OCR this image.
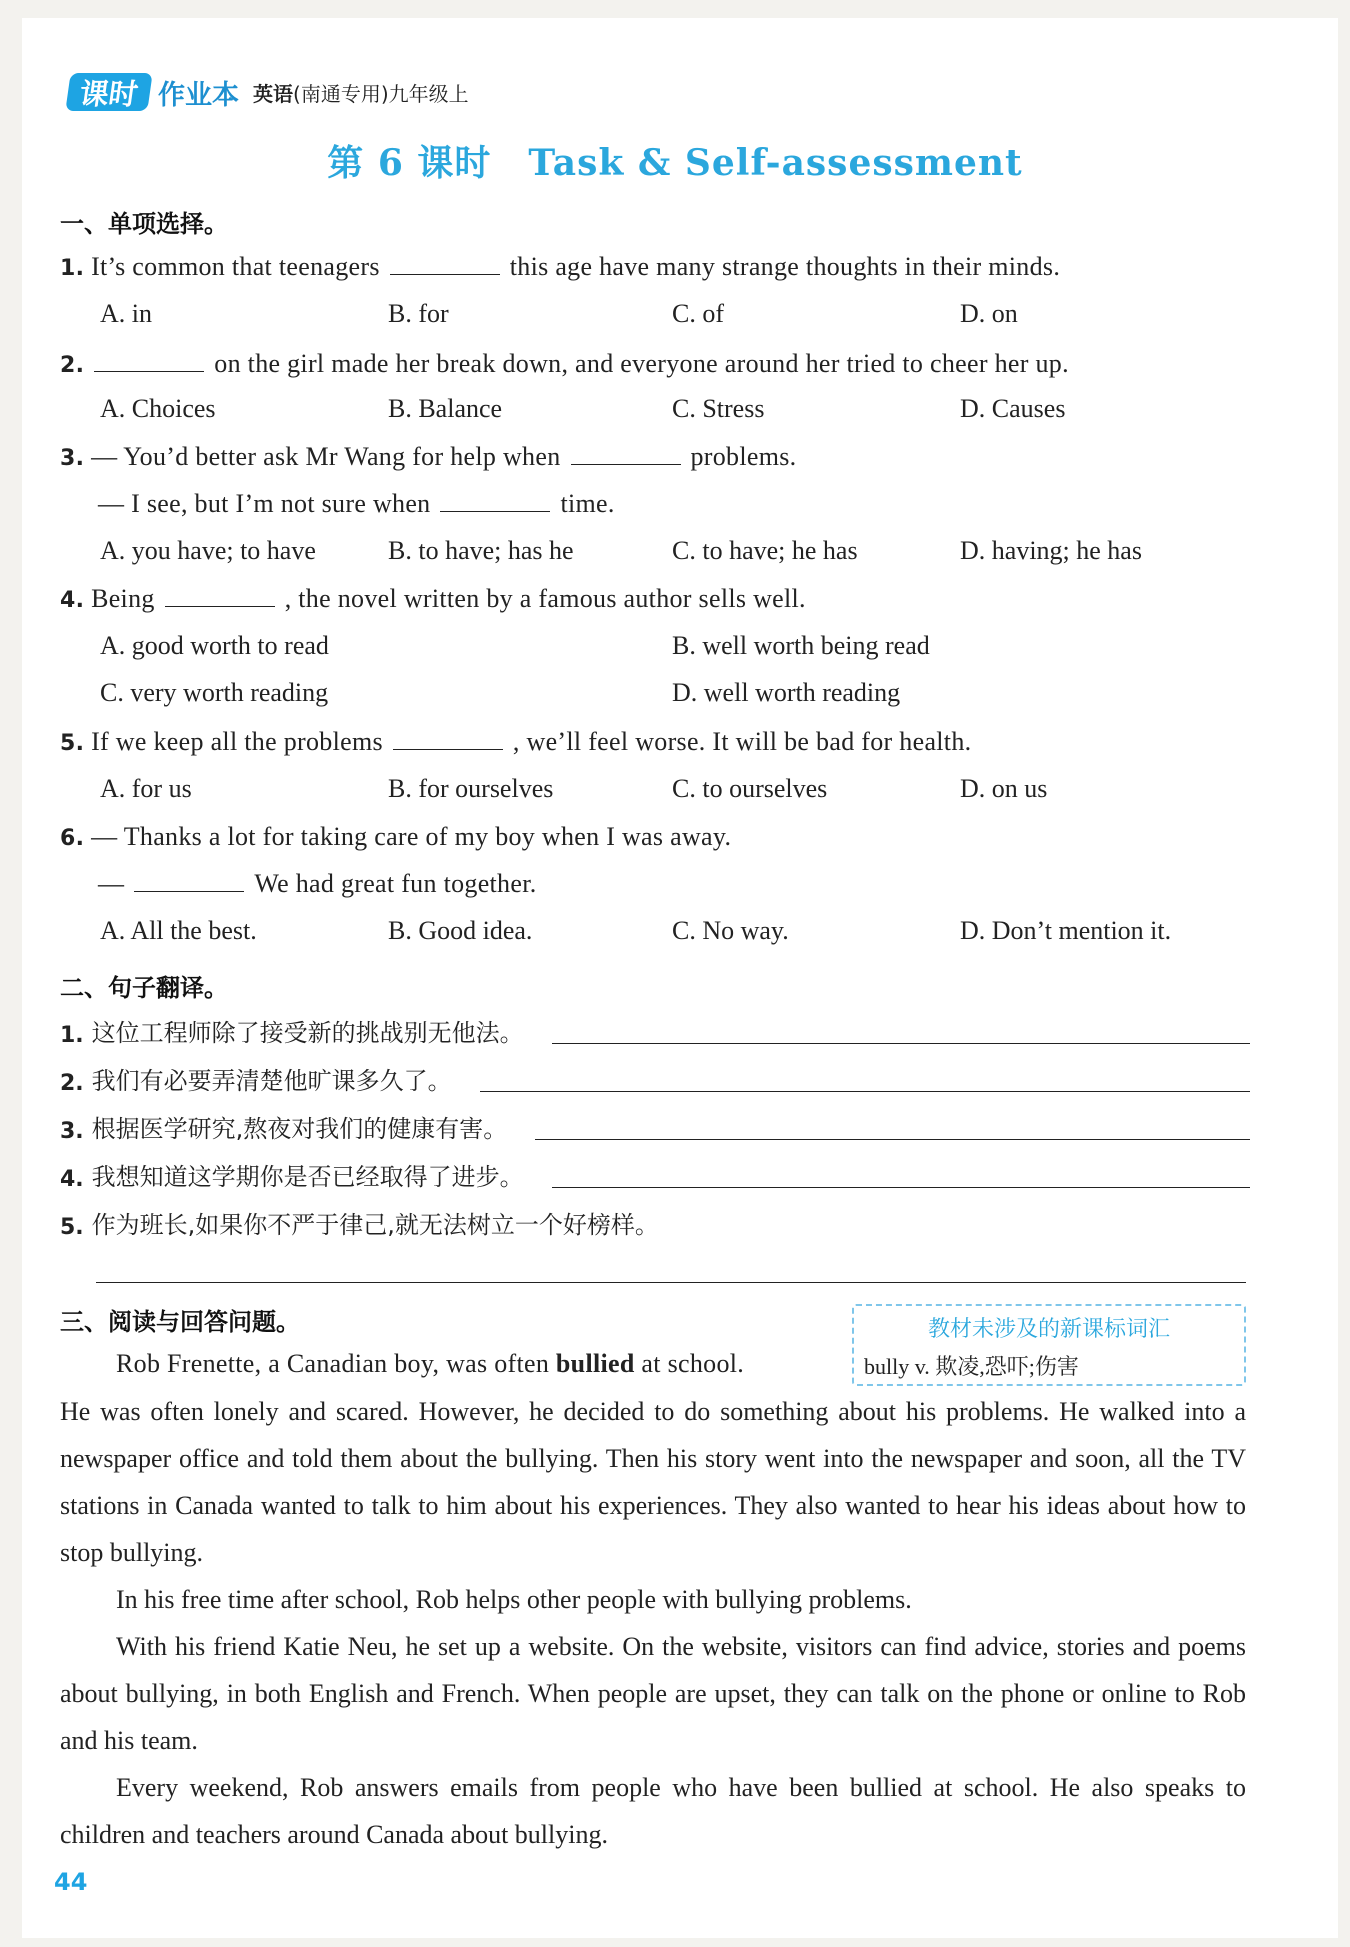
课时 作业本 英语(南通专用)九年级上
第 6 课时　Task & Self-assessment
一、单项选择。
1. It’s common that teenagers	this age have many strange thoughts in their minds.
A. in	B. for	C. of	D. on
2.	on the girl made her break down, and everyone around her tried to cheer her up.
A. Choices	B. Balance	C. Stress	D. Causes
3. — You’d better ask Mr Wang for help when	problems.
— I see, but I’m not sure when	time.
A. you have; to have	B. to have; has he	C. to have; he has	D. having; he has
4. Being	, the novel written by a famous author sells well.
A. good worth to read	B. well worth being read
C. very worth reading	D. well worth reading
5. If we keep all the problems	, we’ll feel worse. It will be bad for health.
A. for us	B. for ourselves	C. to ourselves	D. on us
6. — Thanks a lot for taking care of my boy when I was away.
—	We had great fun together.
A. All the best.	B. Good idea.	C. No way.	D. Don’t mention it.
二、句子翻译。
1. 这位工程师除了接受新的挑战别无他法。
2. 我们有必要弄清楚他旷课多久了。
3. 根据医学研究,熬夜对我们的健康有害。
4. 我想知道这学期你是否已经取得了进步。
5. 作为班长,如果你不严于律己,就无法树立一个好榜样。
三、阅读与回答问题。	教材未涉及的新课标词汇
bully v. 欺凌,恐吓;伤害
Rob Frenette, a Canadian boy, was often bullied at school.
He was often lonely and scared. However, he decided to do something about his problems. He walked into a newspaper office and told them about the bullying. Then his story went into the newspaper and soon, all the TV stations in Canada wanted to talk to him about his experiences. They also wanted to hear his ideas about how to stop bullying.
In his free time after school, Rob helps other people with bullying problems.
With his friend Katie Neu, he set up a website. On the website, visitors can find advice, stories and poems about bullying, in both English and French. When people are upset, they can talk on the phone or online to Rob and his team.
Every weekend, Rob answers emails from people who have been bullied at school. He also speaks to children and teachers around Canada about bullying.
44
